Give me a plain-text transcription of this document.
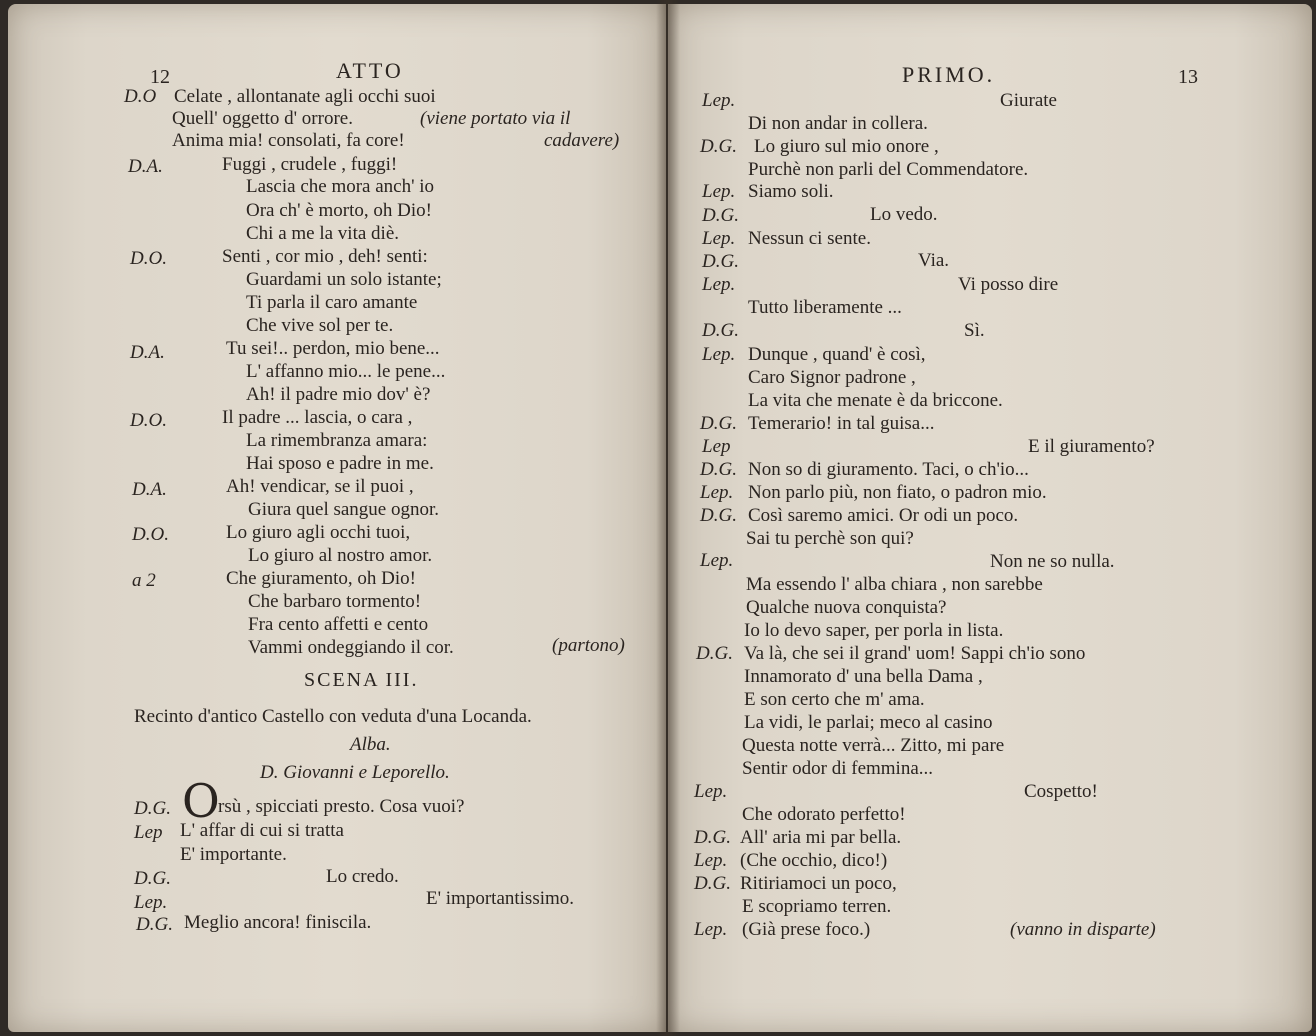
12	ATTO
D.O Celate , allontanate agli occhi suoi
Quell' oggetto d' orrore.	(viene portato via il
Anima mia! consolati, fa core!	cadavere)
D.A.	Fuggi , crudele , fuggi!
Lascia che mora anch' io
Ora ch' è morto, oh Dio!
Chi a me la vita diè.
D.O.	Senti , cor mio , deh! senti:
Guardami un solo istante;
Ti parla il caro amante
Che vive sol per te.
D.A.	Tu sei!.. perdon, mio bene...
L' affanno mio... le pene...
Ah! il padre mio dov' è?
D.O.	Il padre ... lascia, o cara ,
La rimembranza amara:
Hai sposo e padre in me.
D.A.	Ah! vendicar, se il puoi ,
Giura quel sangue ognor.
D.O.	Lo giuro agli occhi tuoi,
Lo giuro al nostro amor.
a 2	Che giuramento, oh Dio!
Che barbaro tormento!
Fra cento affetti e cento
Vammi ondeggiando il cor.	(partono)
SCENA III.
Recinto d'antico Castello con veduta d'una Locanda.
Alba.
D. Giovanni e Leporello.
D.G. O
rsù , spicciati presto. Cosa vuoi?
Lep L' affar di cui si tratta
E' importante.
D.G.	Lo credo.
Lep.	E' importantissimo.
D.G. Meglio ancora! finiscila.
PRIMO.	13
Lep.	Giurate
Di non andar in collera.
D.G. Lo giuro sul mio onore ,
Purchè non parli del Commendatore.
Lep. Siamo soli.
D.G.	Lo vedo.
Lep. Nessun ci sente.
D.G.	Via.
Lep.	Vi posso dire
Tutto liberamente ...
D.G.	Sì.
Lep. Dunque , quand' è così,
Caro Signor padrone ,
La vita che menate è da briccone.
D.G. Temerario! in tal guisa...
Lep	E il giuramento?
D.G. Non so di giuramento. Taci, o ch'io...
Lep. Non parlo più, non fiato, o padron mio.
D.G. Così saremo amici. Or odi un poco.
Sai tu perchè son qui?
Lep.	Non ne so nulla.
Ma essendo l' alba chiara , non sarebbe
Qualche nuova conquista?
Io lo devo saper, per porla in lista.
D.G. Va là, che sei il grand' uom! Sappi ch'io sono
Innamorato d' una bella Dama ,
E son certo che m' ama.
La vidi, le parlai; meco al casino
Questa notte verrà... Zitto, mi pare
Sentir odor di femmina...
Lep.	Cospetto!
Che odorato perfetto!
D.G. All' aria mi par bella.
Lep. (Che occhio, dico!)
D.G. Ritiriamoci un poco,
E scopriamo terren.
Lep. (Già prese foco.)	(vanno in disparte)
